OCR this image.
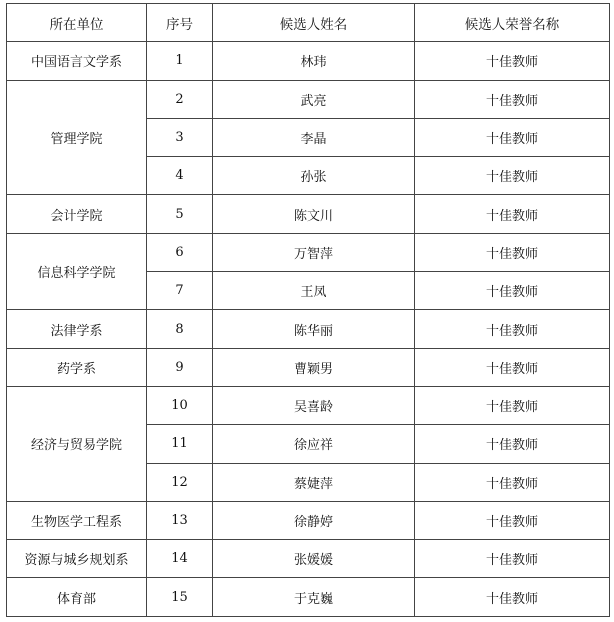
所在单位	序号	候选人姓名	候选人荣誉名称
中国语言文学系	1	林玮	十佳教师
管理学院	2	武亮	十佳教师
	3	李晶	十佳教师
	4	孙张	十佳教师
会计学院	5	陈文川	十佳教师
信息科学学院	6	万智萍	十佳教师
	7	王凤	十佳教师
法律学系	8	陈华丽	十佳教师
药学系	9	曹颖男	十佳教师
经济与贸易学院	10	吴喜龄	十佳教师
	11	徐应祥	十佳教师
	12	蔡婕萍	十佳教师
生物医学工程系	13	徐静婷	十佳教师
资源与城乡规划系	14	张媛媛	十佳教师
体育部	15	于克巍	十佳教师
